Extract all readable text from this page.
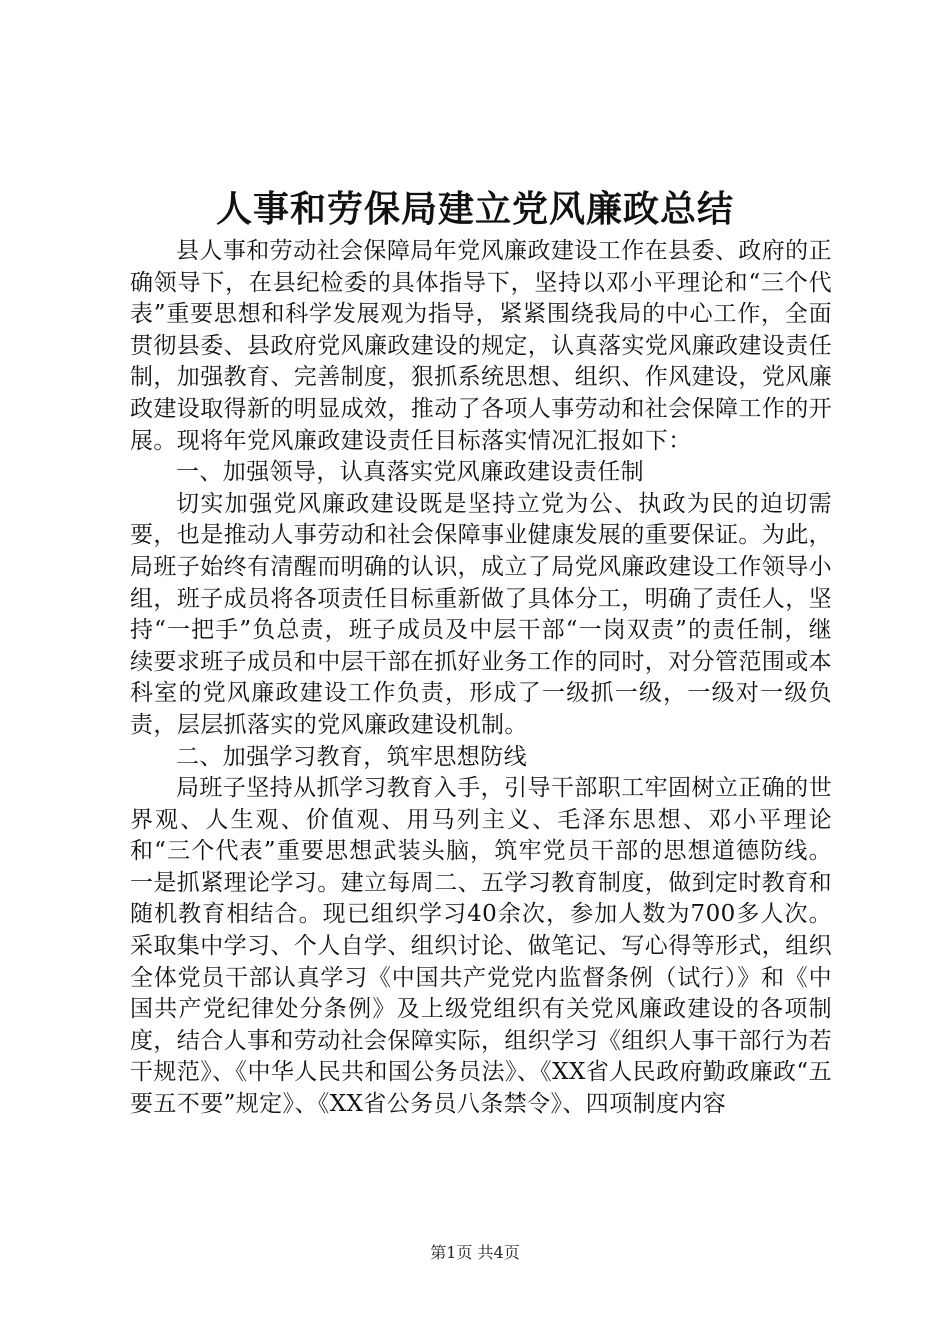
人事和劳保局建立党风廉政总结

县人事和劳动社会保障局年党风廉政建设工作在县委、政府的正确领导下，在县纪检委的具体指导下，坚持以邓小平理论和“三个代表”重要思想和科学发展观为指导，紧紧围绕我局的中心工作，全面贯彻县委、县政府党风廉政建设的规定，认真落实党风廉政建设责任制，加强教育、完善制度，狠抓系统思想、组织、作风建设，党风廉政建设取得新的明显成效，推动了各项人事劳动和社会保障工作的开展。现将年党风廉政建设责任目标落实情况汇报如下：

一、加强领导，认真落实党风廉政建设责任制

切实加强党风廉政建设既是坚持立党为公、执政为民的迫切需要，也是推动人事劳动和社会保障事业健康发展的重要保证。为此，局班子始终有清醒而明确的认识，成立了局党风廉政建设工作领导小组，班子成员将各项责任目标重新做了具体分工，明确了责任人，坚持“一把手”负总责，班子成员及中层干部“一岗双责”的责任制，继续要求班子成员和中层干部在抓好业务工作的同时，对分管范围或本科室的党风廉政建设工作负责，形成了一级抓一级，一级对一级负责，层层抓落实的党风廉政建设机制。

二、加强学习教育，筑牢思想防线

局班子坚持从抓学习教育入手，引导干部职工牢固树立正确的世界观、人生观、价值观、用马列主义、毛泽东思想、邓小平理论和“三个代表”重要思想武装头脑，筑牢党员干部的思想道德防线。一是抓紧理论学习。建立每周二、五学习教育制度，做到定时教育和随机教育相结合。现已组织学习40余次，参加人数为700多人次。采取集中学习、个人自学、组织讨论、做笔记、写心得等形式，组织全体党员干部认真学习《中国共产党党内监督条例（试行）》和《中国共产党纪律处分条例》及上级党组织有关党风廉政建设的各项制度，结合人事和劳动社会保障实际，组织学习《组织人事干部行为若干规范》、《中华人民共和国公务员法》、《XX省人民政府勤政廉政“五要五不要”规定》、《XX省公务员八条禁令》、四项制度内容

第1页 共4页
